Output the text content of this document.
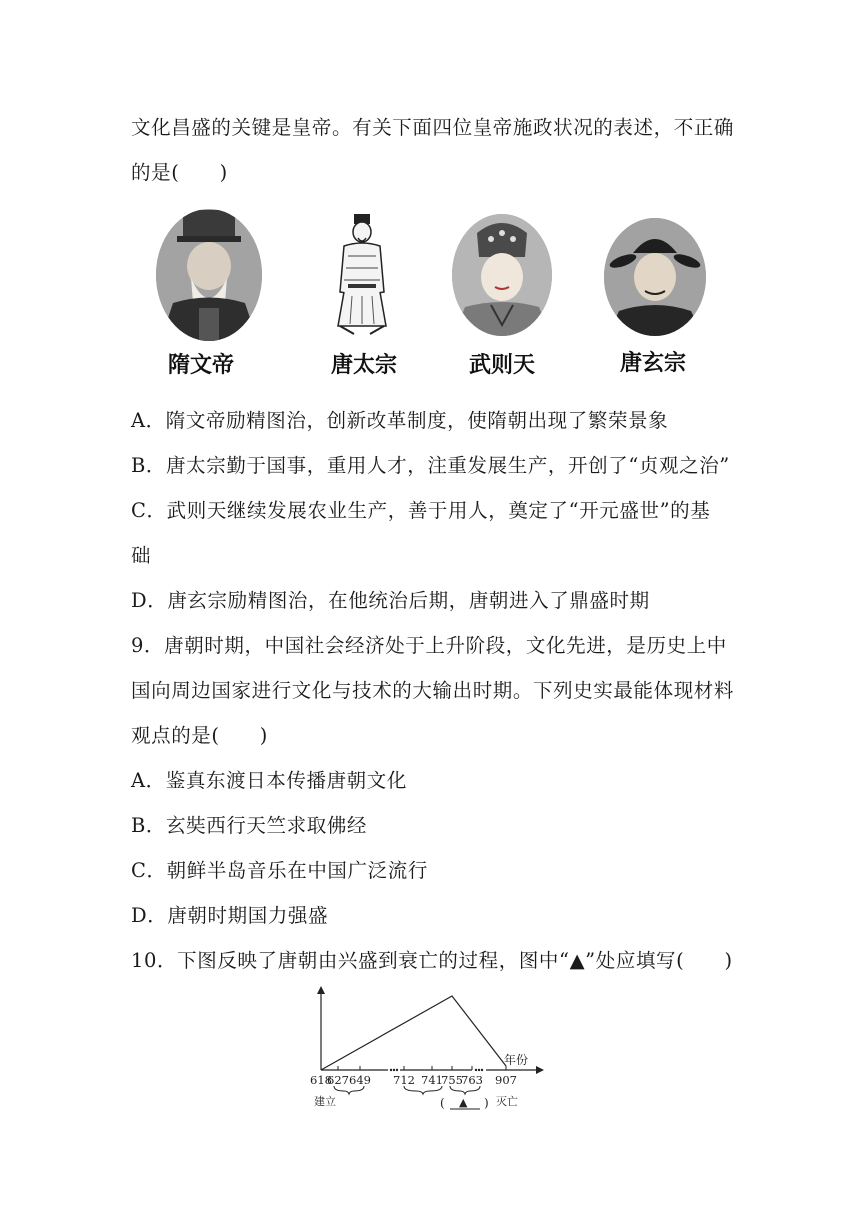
文化昌盛的关键是皇帝。有关下面四位皇帝施政状况的表述，不正确
的是(　　)
隋文帝	唐太宗	武则天	唐玄宗
A．隋文帝励精图治，创新改革制度，使隋朝出现了繁荣景象
B．唐太宗勤于国事，重用人才，注重发展生产，开创了“贞观之治”
C．武则天继续发展农业生产，善于用人，奠定了“开元盛世”的基
础
D．唐玄宗励精图治，在他统治后期，唐朝进入了鼎盛时期
9．唐朝时期，中国社会经济处于上升阶段，文化先进，是历史上中
国向周边国家进行文化与技术的大输出时期。下列史实最能体现材料
观点的是(　　)
A．鉴真东渡日本传播唐朝文化
B．玄奘西行天竺求取佛经
C．朝鲜半岛音乐在中国广泛流行
D．唐朝时期国力强盛
10．下图反映了唐朝由兴盛到衰亡的过程，图中“▲”处应填写(　　)
618
627 649 712 741
755
763 907
年份
建立	灭亡
( ▲ )
